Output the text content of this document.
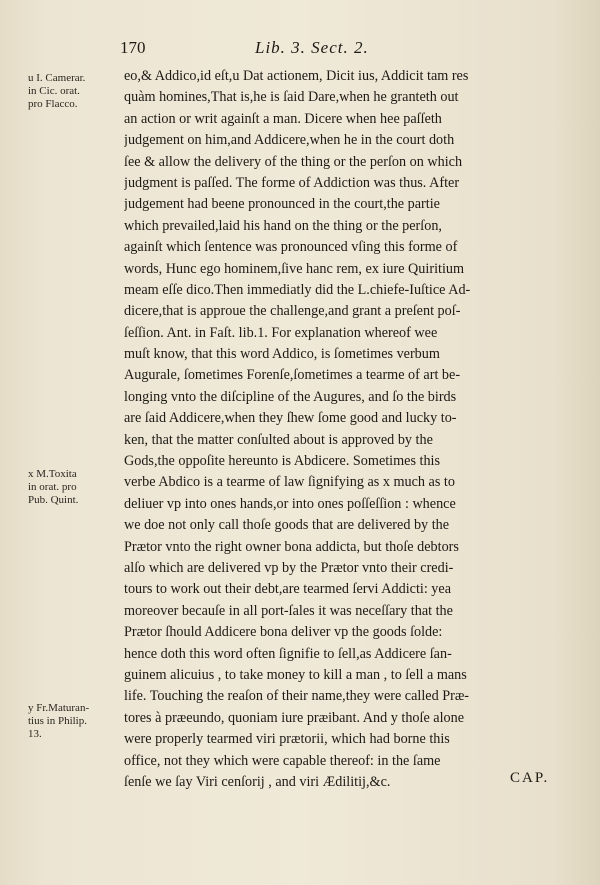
170	Lib. 3. Sect. 2.
u I. Camerar.
in Cic. orat.
pro Flacco.
x M.Toxita
in orat. pro
Pub. Quint.
y Fr.Maturan-
tius in Philip.
13.
eo,& Addico,id eſt,u Dat actionem, Dicit ius, Addicit tam res
quàm homines,That is,he is ſaid Dare,when he granteth out
an action or writ againſt a man. Dicere when hee paſſeth
judgement on him,and Addicere,when he in the court doth
ſee & allow the delivery of the thing or the perſon on which
judgment is paſſed. The forme of Addiction was thus. After
judgement had beene pronounced in the court,the partie
which prevailed,laid his hand on the thing or the perſon,
againſt which ſentence was pronounced vſing this forme of
words, Hunc ego hominem,ſive hanc rem, ex iure Quiritium
meam eſſe dico.Then immediatly did the L.chiefe-Iuſtice Ad-
dicere,that is approue the challenge,and grant a preſent poſ-
ſeſſion. Ant. in Faſt. lib.1. For explanation whereof wee
muſt know, that this word Addico, is ſometimes verbum
Augurale, ſometimes Forenſe,ſometimes a tearme of art be-
longing vnto the diſcipline of the Augures, and ſo the birds
are ſaid Addicere,when they ſhew ſome good and lucky to-
ken, that the matter conſulted about is approved by the
Gods,the oppoſite hereunto is Abdicere. Sometimes this
verbe Abdico is a tearme of law ſignifying as x much as to
deliuer vp into ones hands,or into ones poſſeſſion : whence
we doe not only call thoſe goods that are delivered by the
Prætor vnto the right owner bona addicta, but thoſe debtors
alſo which are delivered vp by the Prætor vnto their credi-
tours to work out their debt,are tearmed ſervi Addicti: yea
moreover becauſe in all port-ſales it was neceſſary that the
Prætor ſhould Addicere bona deliver vp the goods ſolde:
hence doth this word often ſignifie to ſell,as Addicere ſan-
guinem alicuius , to take money to kill a man , to ſell a mans
life. Touching the reaſon of their name,they were called Præ-
tores à præeundo, quoniam iure præibant. And y thoſe alone
were properly tearmed viri prætorii, which had borne this
office, not they which were capable thereof: in the ſame
ſenſe we ſay Viri cenſorij , and viri Ædilitij,&c.	CAP.
